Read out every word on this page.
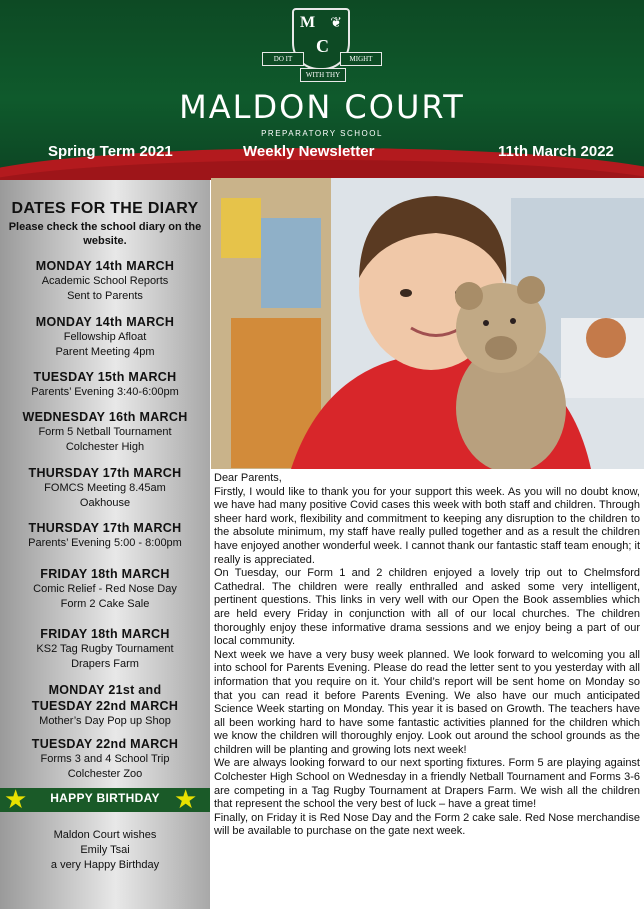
M
C
❦
DO IT	MIGHT
WITH THY
MALDON COURT
PREPARATORY SCHOOL
Spring Term 2021	Weekly Newsletter	11th March 2022
DATES FOR THE DIARY
Please check the school diary on the website.
MONDAY 14th MARCH
Academic School Reports
Sent to Parents
MONDAY 14th MARCH
Fellowship Afloat
Parent Meeting 4pm
TUESDAY 15th MARCH
Parents’ Evening 3:40-6:00pm
WEDNESDAY 16th MARCH
Form 5 Netball Tournament
Colchester High
THURSDAY 17th MARCH
FOMCS Meeting 8.45am
Oakhouse
THURSDAY 17th MARCH
Parents’ Evening 5:00 - 8:00pm
FRIDAY 18th MARCH
Comic Relief - Red Nose Day
Form 2 Cake Sale
FRIDAY 18th MARCH
KS2 Tag Rugby Tournament
Drapers Farm
MONDAY 21st and TUESDAY 22nd MARCH
Mother’s Day Pop up Shop
TUESDAY 22nd MARCH
Forms 3 and 4 School Trip
Colchester Zoo
★	HAPPY BIRTHDAY ★
Maldon Court wishes
Emily Tsai
a very Happy Birthday

Dear Parents,

Firstly, I would like to thank you for your support this week. As you will no doubt know, we have had many positive Covid cases this week with both staff and children. Through sheer hard work, flexibility and commitment to keeping any disruption to the children to the absolute minimum, my staff have really pulled together and as a result the children have enjoyed another wonderful week. I cannot thank our fantastic staff team enough; it really is appreciated.

On Tuesday, our Form 1 and 2 children enjoyed a lovely trip out to Chelmsford Cathedral. The children were really enthralled and asked some very intelligent, pertinent questions. This links in very well with our Open the Book assemblies which are held every Friday in conjunction with all of our local churches. The children thoroughly enjoy these informative drama sessions and we enjoy being a part of our local community.

Next week we have a very busy week planned. We look forward to welcoming you all into school for Parents Evening. Please do read the letter sent to you yesterday with all information that you require on it. Your child’s report will be sent home on Monday so that you can read it before Parents Evening. We also have our much anticipated Science Week starting on Monday. This year it is based on Growth. The teachers have all been working hard to have some fantastic activities planned for the children which we know the children will thoroughly enjoy. Look out around the school grounds as the children will be planting and growing lots next week!

We are always looking forward to our next sporting fixtures. Form 5 are playing against Colchester High School on Wednesday in a friendly Netball Tournament and Forms 3-6 are competing in a Tag Rugby Tournament at Drapers Farm. We wish all the children that represent the school the very best of luck – have a great time!

Finally, on Friday it is Red Nose Day and the Form 2 cake sale. Red Nose merchandise will be available to purchase on the gate next week.
